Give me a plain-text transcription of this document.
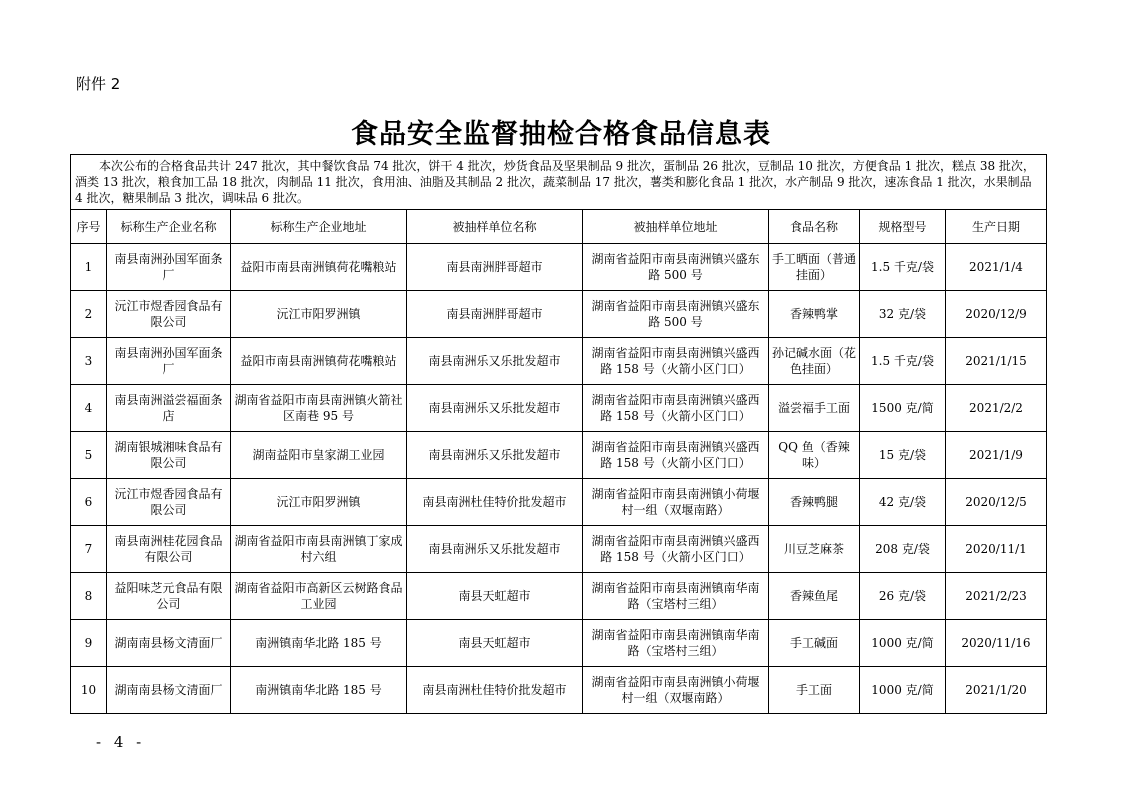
附件 2
食品安全监督抽检合格食品信息表
本次公布的合格食品共计 247 批次，其中餐饮食品 74 批次，饼干 4 批次，炒货食品及坚果制品 9 批次，蛋制品 26 批次，豆制品 10 批次，方便食品 1 批次，糕点 38 批次，酒类 13 批次，粮食加工品 18 批次，肉制品 11 批次，食用油、油脂及其制品 2 批次，蔬菜制品 17 批次，薯类和膨化食品 1 批次，水产制品 9 批次，速冻食品 1 批次，水果制品 4 批次，糖果制品 3 批次，调味品 6 批次。							
序号	标称生产企业名称	标称生产企业地址	被抽样单位名称	被抽样单位地址	食品名称	规格型号	生产日期
1	南县南洲孙国军面条厂	益阳市南县南洲镇荷花嘴粮站	南县南洲胖哥超市	湖南省益阳市南县南洲镇兴盛东路 500 号	手工晒面（普通挂面）	1.5 千克/袋	2021/1/4
2	沅江市煜香园食品有限公司	沅江市阳罗洲镇	南县南洲胖哥超市	湖南省益阳市南县南洲镇兴盛东路 500 号	香辣鸭掌	32 克/袋	2020/12/9
3	南县南洲孙国军面条厂	益阳市南县南洲镇荷花嘴粮站	南县南洲乐又乐批发超市	湖南省益阳市南县南洲镇兴盛西路 158 号（火箭小区门口）	孙记碱水面（花色挂面）	1.5 千克/袋	2021/1/15
4	南县南洲溢尝福面条店	湖南省益阳市南县南洲镇火箭社区南巷 95 号	南县南洲乐又乐批发超市	湖南省益阳市南县南洲镇兴盛西路 158 号（火箭小区门口）	溢尝福手工面	1500 克/简	2021/2/2
5	湖南银城湘味食品有限公司	湖南益阳市皇家湖工业园	南县南洲乐又乐批发超市	湖南省益阳市南县南洲镇兴盛西路 158 号（火箭小区门口）	QQ 鱼（香辣味）	15 克/袋	2021/1/9
6	沅江市煜香园食品有限公司	沅江市阳罗洲镇	南县南洲杜佳特价批发超市	湖南省益阳市南县南洲镇小荷堰村一组（双堰南路）	香辣鸭腿	42 克/袋	2020/12/5
7	南县南洲桂花园食品有限公司	湖南省益阳市南县南洲镇丁家成村六组	南县南洲乐又乐批发超市	湖南省益阳市南县南洲镇兴盛西路 158 号（火箭小区门口）	川豆芝麻茶	208 克/袋	2020/11/1
8	益阳味芝元食品有限公司	湖南省益阳市高新区云树路食品工业园	南县天虹超市	湖南省益阳市南县南洲镇南华南路（宝塔村三组）	香辣鱼尾	26 克/袋	2021/2/23
9	湖南南县杨文清面厂	南洲镇南华北路 185 号	南县天虹超市	湖南省益阳市南县南洲镇南华南路（宝塔村三组）	手工碱面	1000 克/简	2020/11/16
10	湖南南县杨文清面厂	南洲镇南华北路 185 号	南县南洲杜佳特价批发超市	湖南省益阳市南县南洲镇小荷堰村一组（双堰南路）	手工面	1000 克/简	2021/1/20
- 4 -
